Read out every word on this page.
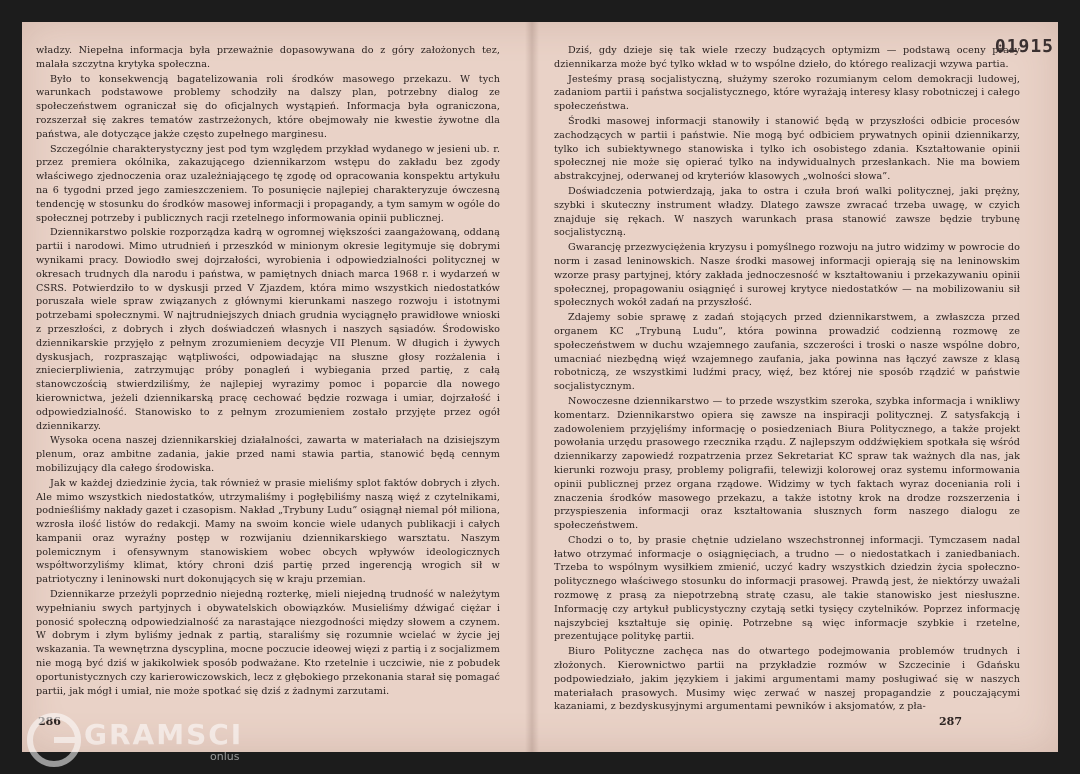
władzy. Niepełna informacja była przeważnie dopasowywana do z góry założonych tez, malała szczytna krytyka społeczna.

Było to konsekwencją bagatelizowania roli środków masowego przekazu. W tych warunkach podstawowe problemy schodziły na dalszy plan, potrzebny dialog ze społeczeństwem ograniczał się do oficjalnych wystąpień. Informacja była ograniczona, rozszerzał się zakres tematów zastrzeżonych, które obejmowały nie kwestie żywotne dla państwa, ale dotyczące jakże często zupełnego marginesu.

Szczególnie charakterystyczny jest pod tym względem przykład wydanego w jesieni ub. r. przez premiera okólnika, zakazującego dziennikarzom wstępu do zakładu bez zgody właściwego zjednoczenia oraz uzależniającego tę zgodę od opracowania konspektu artykułu na 6 tygodni przed jego zamieszczeniem. To posunięcie najlepiej charakteryzuje ówczesną tendencję w stosunku do środków masowej informacji i propagandy, a tym samym w ogóle do społecznej potrzeby i publicznych racji rzetelnego informowania opinii publicznej.

Dziennikarstwo polskie rozporządza kadrą w ogromnej większości zaangażowaną, oddaną partii i narodowi. Mimo utrudnień i przeszkód w minionym okresie legitymuje się dobrymi wynikami pracy. Dowiodło swej dojrzałości, wyrobienia i odpowiedzialności politycznej w okresach trudnych dla narodu i państwa, w pamiętnych dniach marca 1968 r. i wydarzeń w CSRS. Potwierdziło to w dyskusji przed V Zjazdem, która mimo wszystkich niedostatków poruszała wiele spraw związanych z głównymi kierunkami naszego rozwoju i istotnymi potrzebami społecznymi. W najtrudniejszych dniach grudnia wyciągnęło prawidłowe wnioski z przeszłości, z dobrych i złych doświadczeń własnych i naszych sąsiadów. Środowisko dziennikarskie przyjęło z pełnym zrozumieniem decyzje VII Plenum. W długich i żywych dyskusjach, rozpraszając wątpliwości, odpowiadając na słuszne głosy rozżalenia i zniecierpliwienia, zatrzymując próby ponagleń i wybiegania przed partię, z całą stanowczością stwierdziliśmy, że najlepiej wyrazimy pomoc i poparcie dla nowego kierownictwa, jeżeli dziennikarską pracę cechować będzie rozwaga i umiar, dojrzałość i odpowiedzialność. Stanowisko to z pełnym zrozumieniem zostało przyjęte przez ogół dziennikarzy.

Wysoka ocena naszej dziennikarskiej działalności, zawarta w materiałach na dzisiejszym plenum, oraz ambitne zadania, jakie przed nami stawia partia, stanowić będą cennym mobilizujący dla całego środowiska.

Jak w każdej dziedzinie życia, tak również w prasie mieliśmy splot faktów dobrych i złych. Ale mimo wszystkich niedostatków, utrzymaliśmy i pogłębiliśmy naszą więź z czytelnikami, podnieśliśmy nakłady gazet i czasopism. Nakład „Trybuny Ludu” osiągnął niemal pół miliona, wzrosła ilość listów do redakcji. Mamy na swoim koncie wiele udanych publikacji i całych kampanii oraz wyraźny postęp w rozwijaniu dziennikarskiego warsztatu. Naszym polemicznym i ofensywnym stanowiskiem wobec obcych wpływów ideologicznych współtworzyliśmy klimat, który chroni dziś partię przed ingerencją wrogich sił w patriotyczny i leninowski nurt dokonujących się w kraju przemian.

Dziennikarze przeżyli poprzednio niejedną rozterkę, mieli niejedną trudność w należytym wypełnianiu swych partyjnych i obywatelskich obowiązków. Musieliśmy dźwigać ciężar i ponosić społeczną odpowiedzialność za narastające niezgodności między słowem a czynem. W dobrym i złym byliśmy jednak z partią, staraliśmy się rozumnie wcielać w życie jej wskazania. Ta wewnętrzna dyscyplina, mocne poczucie ideowej więzi z partią i z socjalizmem nie mogą być dziś w jakikolwiek sposób podważane. Kto rzetelnie i uczciwie, nie z pobudek oportunistycznych czy karierowiczowskich, lecz z głębokiego przekonania starał się pomagać partii, jak mógł i umiał, nie może spotkać się dziś z żadnymi zarzutami.

Dziś, gdy dzieje się tak wiele rzeczy budzących optymizm — podstawą oceny pracy dziennikarza może być tylko wkład w to wspólne dzieło, do którego realizacji wzywa partia.

Jesteśmy prasą socjalistyczną, służymy szeroko rozumianym celom demokracji ludowej, zadaniom partii i państwa socjalistycznego, które wyrażają interesy klasy robotniczej i całego społeczeństwa.

Środki masowej informacji stanowiły i stanowić będą w przyszłości odbicie procesów zachodzących w partii i państwie. Nie mogą być odbiciem prywatnych opinii dziennikarzy, tylko ich subiektywnego stanowiska i tylko ich osobistego zdania. Kształtowanie opinii społecznej nie może się opierać tylko na indywidualnych przesłankach. Nie ma bowiem abstrakcyjnej, oderwanej od kryteriów klasowych „wolności słowa”.

Doświadczenia potwierdzają, jaka to ostra i czuła broń walki politycznej, jaki prężny, szybki i skuteczny instrument władzy. Dlatego zawsze zwracać trzeba uwagę, w czyich znajduje się rękach. W naszych warunkach prasa stanowić zawsze będzie trybunę socjalistyczną.

Gwarancję przezwyciężenia kryzysu i pomyślnego rozwoju na jutro widzimy w powrocie do norm i zasad leninowskich. Nasze środki masowej informacji opierają się na leninowskim wzorze prasy partyjnej, który zakłada jednoczesność w kształtowaniu i przekazywaniu opinii społecznej, propagowaniu osiągnięć i surowej krytyce niedostatków — na mobilizowaniu sił społecznych wokół zadań na przyszłość.

Zdajemy sobie sprawę z zadań stojących przed dziennikarstwem, a zwłaszcza przed organem KC „Trybuną Ludu”, która powinna prowadzić codzienną rozmowę ze społeczeństwem w duchu wzajemnego zaufania, szczerości i troski o nasze wspólne dobro, umacniać niezbędną więź wzajemnego zaufania, jaka powinna nas łączyć zawsze z klasą robotniczą, ze wszystkimi ludźmi pracy, więź, bez której nie sposób rządzić w państwie socjalistycznym.

Nowoczesne dziennikarstwo — to przede wszystkim szeroka, szybka informacja i wnikliwy komentarz. Dziennikarstwo opiera się zawsze na inspiracji politycznej. Z satysfakcją i zadowoleniem przyjęliśmy informację o posiedzeniach Biura Politycznego, a także projekt powołania urzędu prasowego rzecznika rządu. Z najlepszym oddźwiękiem spotkała się wśród dziennikarzy zapowiedź rozpatrzenia przez Sekretariat KC spraw tak ważnych dla nas, jak kierunki rozwoju prasy, problemy poligrafii, telewizji kolorowej oraz systemu informowania opinii publicznej przez organa rządowe. Widzimy w tych faktach wyraz doceniania roli i znaczenia środków masowego przekazu, a także istotny krok na drodze rozszerzenia i przyspieszenia informacji oraz kształtowania słusznych form naszego dialogu ze społeczeństwem.

Chodzi o to, by prasie chętnie udzielano wszechstronnej informacji. Tymczasem nadal łatwo otrzymać informacje o osiągnięciach, a trudno — o niedostatkach i zaniedbaniach. Trzeba to wspólnym wysiłkiem zmienić, uczyć kadry wszystkich dziedzin życia społeczno-politycznego właściwego stosunku do informacji prasowej. Prawdą jest, że niektórzy uważali rozmowę z prasą za niepotrzebną stratę czasu, ale takie stanowisko jest niesłuszne. Informację czy artykuł publicystyczny czytają setki tysięcy czytelników. Poprzez informację najszybciej kształtuje się opinię. Potrzebne są więc informacje szybkie i rzetelne, prezentujące politykę partii.

Biuro Polityczne zachęca nas do otwartego podejmowania problemów trudnych i złożonych. Kierownictwo partii na przykładzie rozmów w Szczecinie i Gdańsku podpowiedziało, jakim językiem i jakimi argumentami mamy posługiwać się w naszych materiałach prasowych. Musimy więc zerwać w naszej propagandzie z pouczającymi kazaniami, z bezdyskusyjnymi argumentami pewników i aksjomatów, z pła-

01915
286	287
GRAMSCI
onlus
